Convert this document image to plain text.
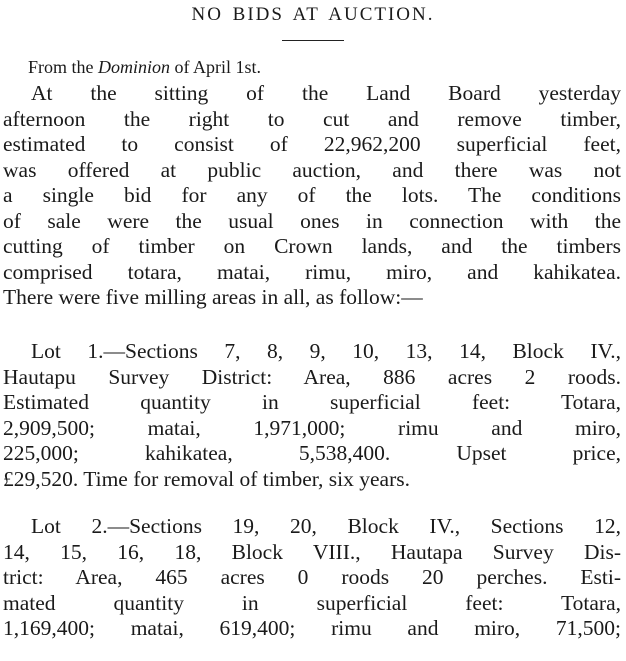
NO BIDS AT AUCTION.

From the Dominion of April 1st.

At the sitting of the Land Board yesterday
afternoon the right to cut and remove timber,
estimated to consist of 22,962,200 superficial feet,
was offered at public auction, and there was not
a single bid for any of the lots. The conditions
of sale were the usual ones in connection with the
cutting of timber on Crown lands, and the timbers
comprised totara, matai, rimu, miro, and kahikatea.
There were five milling areas in all, as follow:—
Lot 1.—Sections 7, 8, 9, 10, 13, 14, Block IV.,
Hautapu Survey District: Area, 886 acres 2 roods.
Estimated quantity in superficial feet: Totara,
2,909,500; matai, 1,971,000; rimu and miro,
225,000; kahikatea, 5,538,400. Upset price,
£29,520. Time for removal of timber, six years.
Lot 2.—Sections 19, 20, Block IV., Sections 12,
14, 15, 16, 18, Block VIII., Hautapa Survey Dis-
trict: Area, 465 acres 0 roods 20 perches. Esti-
mated quantity in superficial feet: Totara,
1,169,400; matai, 619,400; rimu and miro, 71,500;
